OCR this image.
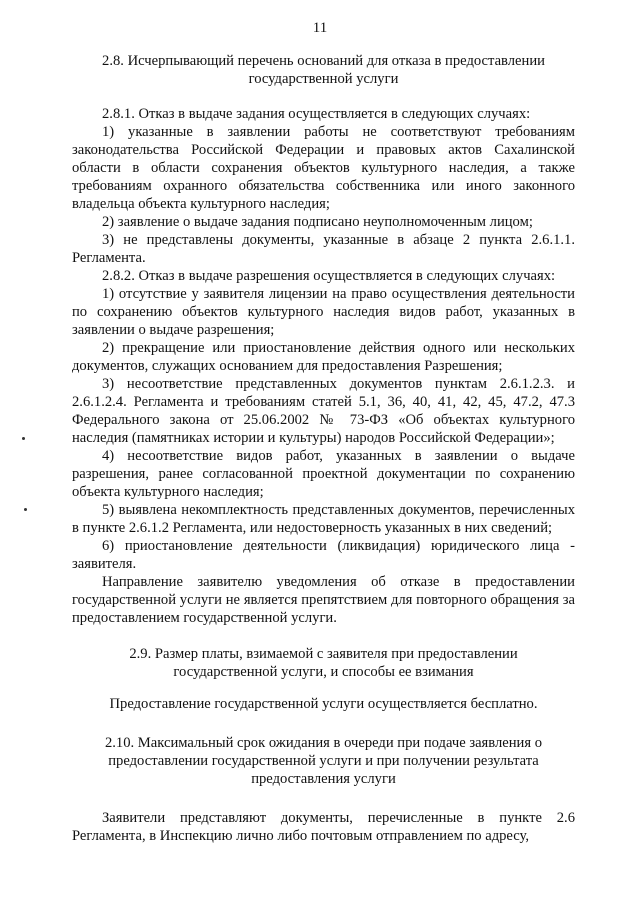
11
2.8. Исчерпывающий перечень оснований для отказа в предоставлении государственной услуги

2.8.1. Отказ в выдаче задания осуществляется в следующих случаях:

1) указанные в заявлении работы не соответствуют требованиям законодательства Российской Федерации и правовых актов Сахалинской области в области сохранения объектов культурного наследия, а также требованиям охранного обязательства собственника или иного законного владельца объекта культурного наследия;

2) заявление о выдаче задания подписано неуполномоченным лицом;

3) не представлены документы, указанные в абзаце 2 пункта 2.6.1.1. Регламента.

2.8.2. Отказ в выдаче разрешения осуществляется в следующих случаях:

1) отсутствие у заявителя лицензии на право осуществления деятельности по сохранению объектов культурного наследия видов работ, указанных в заявлении о выдаче разрешения;

2) прекращение или приостановление действия одного или нескольких документов, служащих основанием для предоставления Разрешения;

3) несоответствие представленных документов пунктам 2.6.1.2.3. и 2.6.1.2.4. Регламента и требованиям статей 5.1, 36, 40, 41, 42, 45, 47.2, 47.3 Федерального закона от 25.06.2002 № 73-ФЗ «Об объектах культурного наследия (памятниках истории и культуры) народов Российской Федерации»;

4) несоответствие видов работ, указанных в заявлении о выдаче разрешения, ранее согласованной проектной документации по сохранению объекта культурного наследия;

5) выявлена некомплектность представленных документов, перечисленных в пункте 2.6.1.2 Регламента, или недостоверность указанных в них сведений;

6) приостановление деятельности (ликвидация) юридического лица - заявителя.

Направление заявителю уведомления об отказе в предоставлении государственной услуги не является препятствием для повторного обращения за предоставлением государственной услуги.

2.9. Размер платы, взимаемой с заявителя при предоставлении государственной услуги, и способы ее взимания

Предоставление государственной услуги осуществляется бесплатно.

2.10. Максимальный срок ожидания в очереди при подаче заявления о предоставлении государственной услуги и при получении результата предоставления услуги

Заявители представляют документы, перечисленные в пункте 2.6 Регламента, в Инспекцию лично либо почтовым отправлением по адресу,
